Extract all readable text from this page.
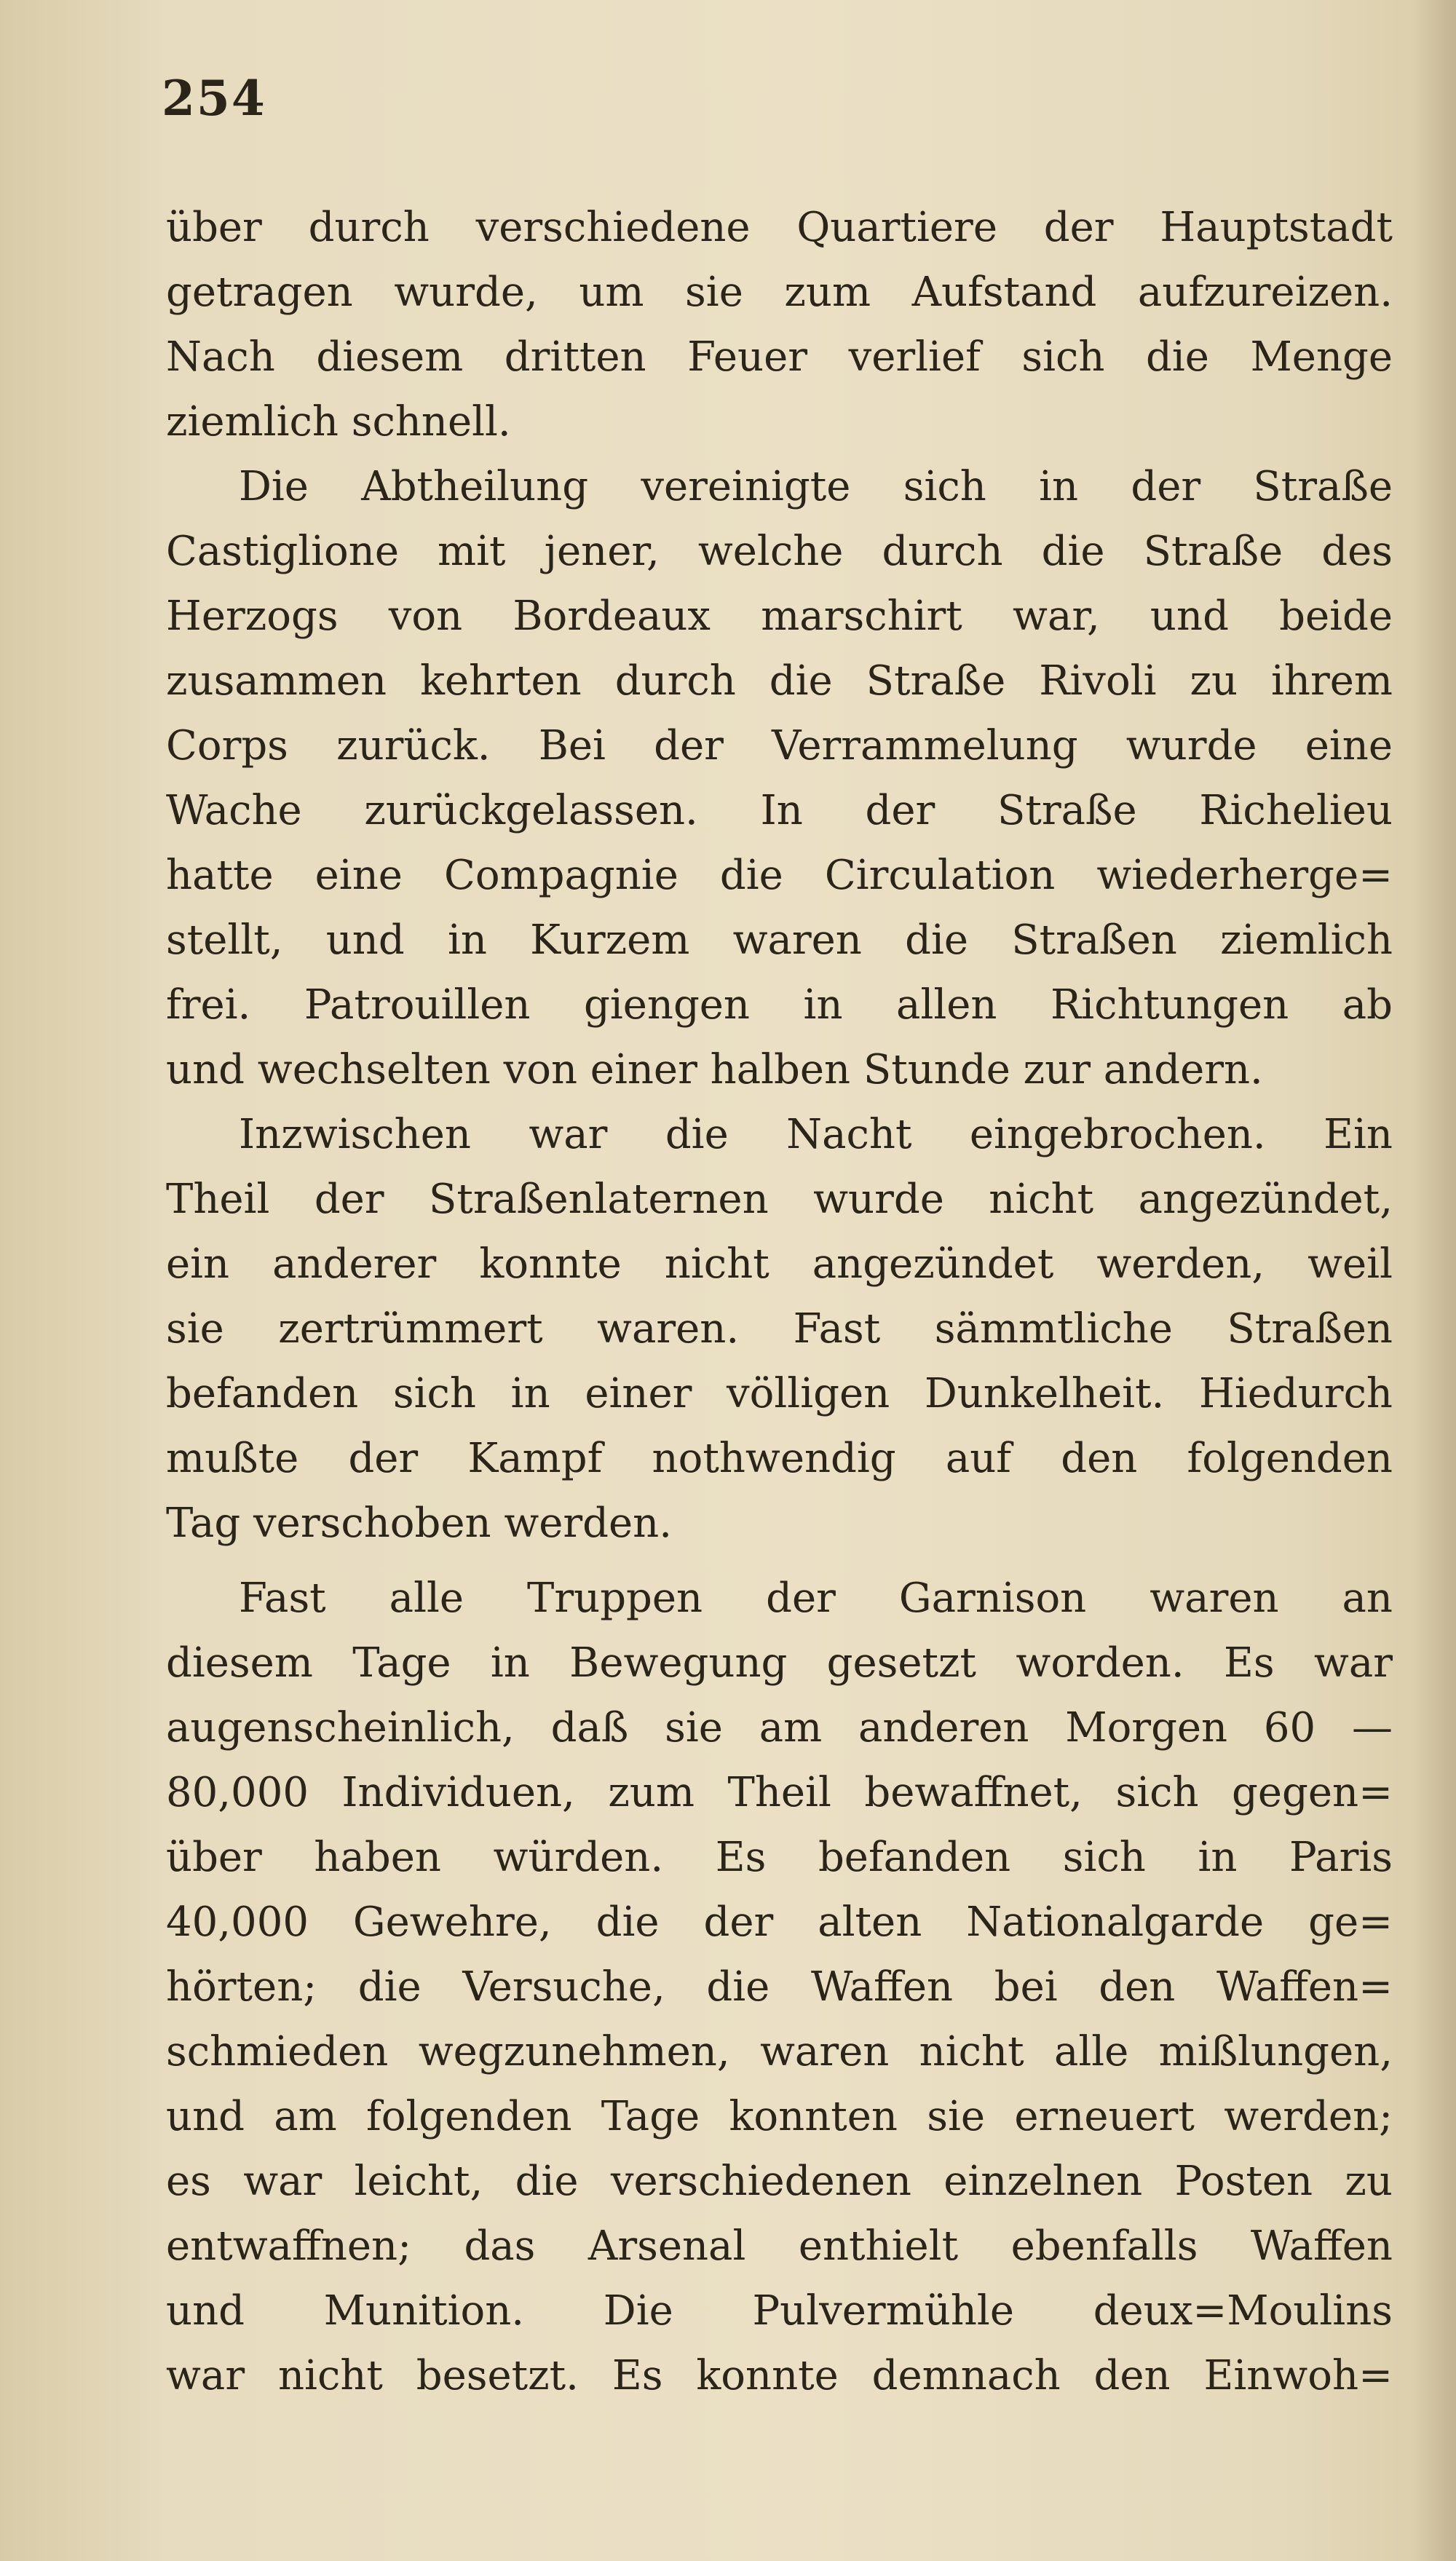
254
über durch verschiedene Quartiere der Hauptstadt
getragen wurde, um sie zum Aufstand aufzureizen.
Nach diesem dritten Feuer verlief sich die Menge
ziemlich schnell.
Die Abtheilung vereinigte sich in der Straße
Castiglione mit jener, welche durch die Straße des
Herzogs von Bordeaux marschirt war, und beide
zusammen kehrten durch die Straße Rivoli zu ihrem
Corps zurück. Bei der Verrammelung wurde eine
Wache zurückgelassen. In der Straße Richelieu
hatte eine Compagnie die Circulation wiederherge=
stellt, und in Kurzem waren die Straßen ziemlich
frei. Patrouillen giengen in allen Richtungen ab
und wechselten von einer halben Stunde zur andern.
Inzwischen war die Nacht eingebrochen. Ein
Theil der Straßenlaternen wurde nicht angezündet,
ein anderer konnte nicht angezündet werden, weil
sie zertrümmert waren. Fast sämmtliche Straßen
befanden sich in einer völligen Dunkelheit. Hiedurch
mußte der Kampf nothwendig auf den folgenden
Tag verschoben werden.
Fast alle Truppen der Garnison waren an
diesem Tage in Bewegung gesetzt worden. Es war
augenscheinlich, daß sie am anderen Morgen 60 —
80,000 Individuen, zum Theil bewaffnet, sich gegen=
über haben würden. Es befanden sich in Paris
40,000 Gewehre, die der alten Nationalgarde ge=
hörten; die Versuche, die Waffen bei den Waffen=
schmieden wegzunehmen, waren nicht alle mißlungen,
und am folgenden Tage konnten sie erneuert werden;
es war leicht, die verschiedenen einzelnen Posten zu
entwaffnen; das Arsenal enthielt ebenfalls Waffen
und Munition. Die Pulvermühle deux=Moulins
war nicht besetzt. Es konnte demnach den Einwoh=
